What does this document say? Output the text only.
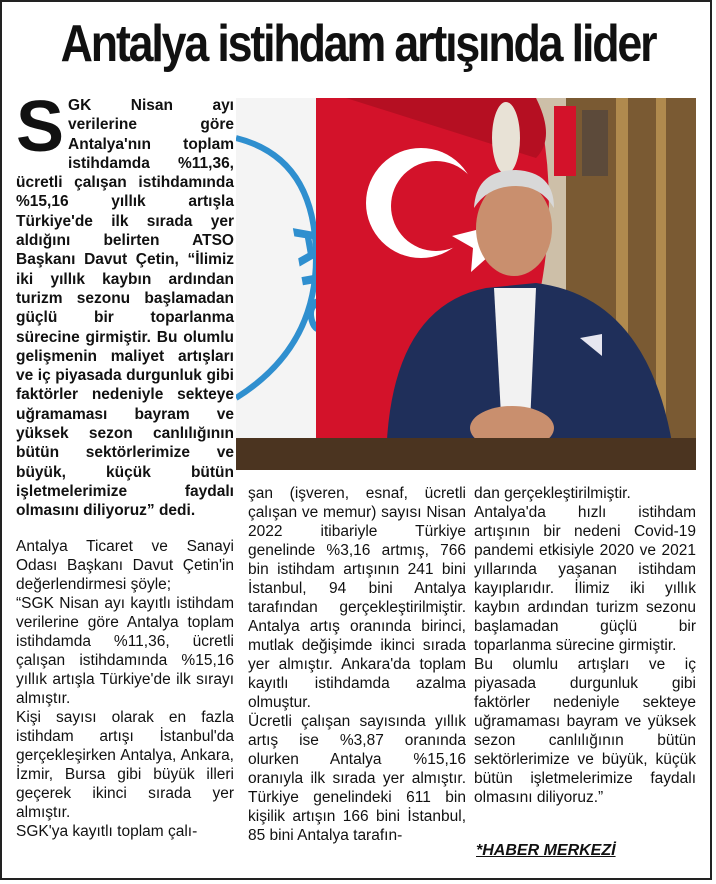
Antalya istihdam artışında lider
SGK Nisan ayı verilerine göre Antalya'nın toplam istihdamda %11,36, ücretli çalışan istihdamında %15,16 yıllık artışla Türkiye'de ilk sırada yer aldığını belirten ATSO Başkanı Davut Çetin, “İlimiz iki yıllık kaybın ardından turizm sezonu başlamadan güçlü bir toparlanma sürecine girmiştir. Bu olumlu gelişmenin maliyet artışları ve iç piyasada durgunluk gibi faktörler nedeniyle sekteye uğramaması bayram ve yüksek sezon canlılığının bütün sektörlerimize ve büyük, küçük bütün işletmelerimize faydalı olmasını diliyoruz” dedi.

Antalya Ticaret ve Sanayi Odası Başkanı Davut Çetin'in değerlendirmesi şöyle;

“SGK Nisan ayı kayıtlı istihdam verilerine göre Antalya toplam istihdamda %11,36, ücretli çalışan istihdamında %15,16 yıllık artışla Türkiye'de ilk sırayı almıştır.

Kişi sayısı olarak en fazla istihdam artışı İstanbul'da gerçekleşirken Antalya, Ankara, İzmir, Bursa gibi büyük illeri geçerek ikinci sırada yer almıştır.

SGK'ya kayıtlı toplam çalı-

şan (işveren, esnaf, ücretli çalışan ve memur) sayısı Nisan 2022 itibariyle Türkiye genelinde %3,16 artmış, 766 bin istihdam artışının 241 bini İstanbul, 94 bini Antalya tarafından gerçekleştirilmiştir. Antalya artış oranında birinci, mutlak değişimde ikinci sırada yer almıştır. Ankara'da toplam kayıtlı istihdamda azalma olmuştur.

Ücretli çalışan sayısında yıllık artış ise %3,87 oranında olurken Antalya %15,16 oranıyla ilk sırada yer almıştır. Türkiye genelindeki 611 bin kişilik artışın 166 bini İstanbul, 85 bini Antalya tarafın-

dan gerçekleştirilmiştir.

Antalya'da hızlı istihdam artışının bir nedeni Covid-19 pandemi etkisiyle 2020 ve 2021 yıllarında yaşanan istihdam kayıplarıdır. İlimiz iki yıllık kaybın ardından turizm sezonu başlamadan güçlü bir toparlanma sürecine girmiştir.

Bu olumlu artışları ve iç piyasada durgunluk gibi faktörler nedeniyle sekteye uğramaması bayram ve yüksek sezon canlılığının bütün sektörlerimize ve büyük, küçük bütün işletmelerimize faydalı olmasını diliyoruz.”

*HABER MERKEZİ
